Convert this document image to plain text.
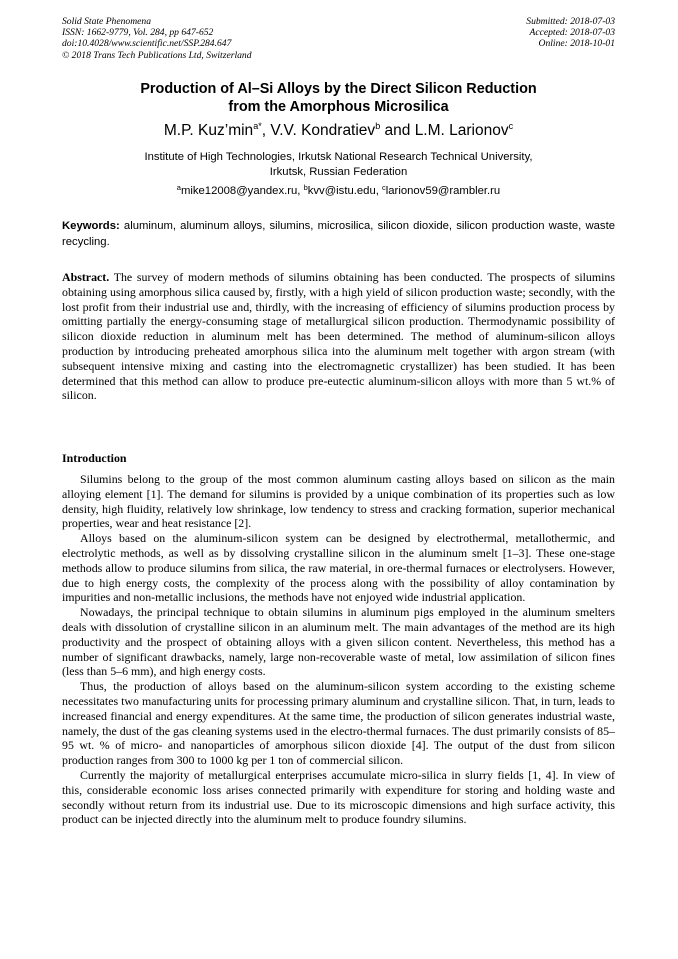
Solid State Phenomena
ISSN: 1662-9779, Vol. 284, pp 647-652
doi:10.4028/www.scientific.net/SSP.284.647
© 2018 Trans Tech Publications Ltd, Switzerland
Submitted: 2018-07-03
Accepted: 2018-07-03
Online: 2018-10-01
Production of Al–Si Alloys by the Direct Silicon Reduction
from the Amorphous Microsilica
M.P. $Kuz’\min^{a*}$, V.V. Kondratiev$^b$ and L.M. Larionov$^c$
Institute of High Technologies, Irkutsk National Research Technical University,
Irkutsk, Russian Federation
$^a$mike12008@yandex.ru, $^b$kvv@istu.edu, $^c$larionov59@rambler.ru
Keywords: aluminum, aluminum alloys, silumins, microsilica, silicon dioxide, silicon production waste, waste recycling.
Abstract. The survey of modern methods of silumins obtaining has been conducted. The prospects of silumins obtaining using amorphous silica caused by, firstly, with a high yield of silicon production waste; secondly, with the lost profit from their industrial use and, thirdly, with the increasing of efficiency of silumins production process by omitting partially the energy-consuming stage of metallurgical silicon production. Thermodynamic possibility of silicon dioxide reduction in aluminum melt has been determined. The method of aluminum-silicon alloys production by introducing preheated amorphous silica into the aluminum melt together with argon stream (with subsequent intensive mixing and casting into the electromagnetic crystallizer) has been studied. It has been determined that this method can allow to produce pre-eutectic aluminum-silicon alloys with more than 5 wt.% of silicon.
Introduction

Silumins belong to the group of the most common aluminum casting alloys based on silicon as the main alloying element [1]. The demand for silumins is provided by a unique combination of its properties such as low density, high fluidity, relatively low shrinkage, low tendency to stress and cracking formation, superior mechanical properties, wear and heat resistance [2].

Alloys based on the aluminum-silicon system can be designed by electrothermal, metallothermic, and electrolytic methods, as well as by dissolving crystalline silicon in the aluminum smelt [1–3]. These one-stage methods allow to produce silumins from silica, the raw material, in ore-thermal furnaces or electrolysers. However, due to high energy costs, the complexity of the process along with the possibility of alloy contamination by impurities and non-metallic inclusions, the methods have not enjoyed wide industrial application.

Nowadays, the principal technique to obtain silumins in aluminum pigs employed in the aluminum smelters deals with dissolution of crystalline silicon in an aluminum melt. The main advantages of the method are its high productivity and the prospect of obtaining alloys with a given silicon content. Nevertheless, this method has a number of significant drawbacks, namely, large non-recoverable waste of metal, low assimilation of silicon fines (less than 5–6 mm), and high energy costs.

Thus, the production of alloys based on the aluminum-silicon system according to the existing scheme necessitates two manufacturing units for processing primary aluminum and crystalline silicon. That, in turn, leads to increased financial and energy expenditures. At the same time, the production of silicon generates industrial waste, namely, the dust of the gas cleaning systems used in the electro-thermal furnaces. The dust primarily consists of 85–95 wt. % of micro- and nanoparticles of amorphous silicon dioxide [4]. The output of the dust from silicon production ranges from 300 to 1000 kg per 1 ton of commercial silicon.

Currently the majority of metallurgical enterprises accumulate micro-silica in slurry fields [1, 4]. In view of this, considerable economic loss arises connected primarily with expenditure for storing and holding waste and secondly without return from its industrial use. Due to its microscopic dimensions and high surface activity, this product can be injected directly into the aluminum melt to produce foundry silumins.
